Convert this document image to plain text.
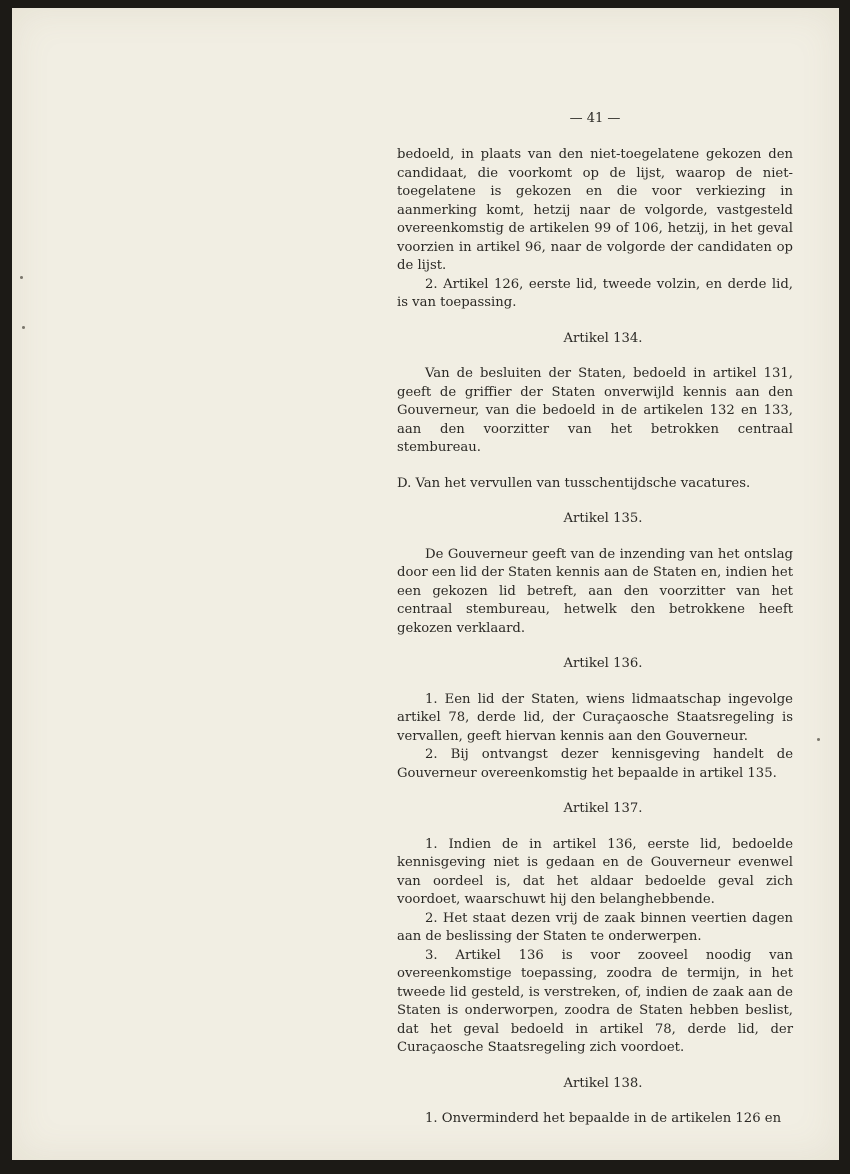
— 41 —

bedoeld, in plaats van den niet-toegelatene gekozen den candidaat, die voorkomt op de lijst, waarop de niet-toegelatene is gekozen en die voor verkiezing in aanmerking komt, hetzij naar de volgorde, vastgesteld overeenkomstig de artikelen 99 of 106, hetzij, in het geval voorzien in artikel 96, naar de volgorde der candidaten op de lijst.

2. Artikel 126, eerste lid, tweede volzin, en derde lid, is van toepassing.

Artikel 134.

Van de besluiten der Staten, bedoeld in artikel 131, geeft de griffier der Staten onverwijld kennis aan den Gouverneur, van die bedoeld in de artikelen 132 en 133, aan den voorzitter van het betrokken centraal stembureau.

D. Van het vervullen van tusschentijdsche vacatures.

Artikel 135.

De Gouverneur geeft van de inzending van het ontslag door een lid der Staten kennis aan de Staten en, indien het een gekozen lid betreft, aan den voorzitter van het centraal stembureau, hetwelk den betrokkene heeft gekozen verklaard.

Artikel 136.

1. Een lid der Staten, wiens lidmaatschap ingevolge artikel 78, derde lid, der Curaçaosche Staatsregeling is vervallen, geeft hiervan kennis aan den Gouverneur.

2. Bij ontvangst dezer kennisgeving handelt de Gouverneur overeenkomstig het bepaalde in artikel 135.

Artikel 137.

1. Indien de in artikel 136, eerste lid, bedoelde kennisgeving niet is gedaan en de Gouverneur evenwel van oordeel is, dat het aldaar bedoelde geval zich voordoet, waarschuwt hij den belanghebbende.

2. Het staat dezen vrij de zaak binnen veertien dagen aan de beslissing der Staten te onderwerpen.

3. Artikel 136 is voor zooveel noodig van overeenkomstige toepassing, zoodra de termijn, in het tweede lid gesteld, is verstreken, of, indien de zaak aan de Staten is onderworpen, zoodra de Staten hebben beslist, dat het geval bedoeld in artikel 78, derde lid, der Curaçaosche Staatsregeling zich voordoet.

Artikel 138.

1. Onverminderd het bepaalde in de artikelen 126 en
